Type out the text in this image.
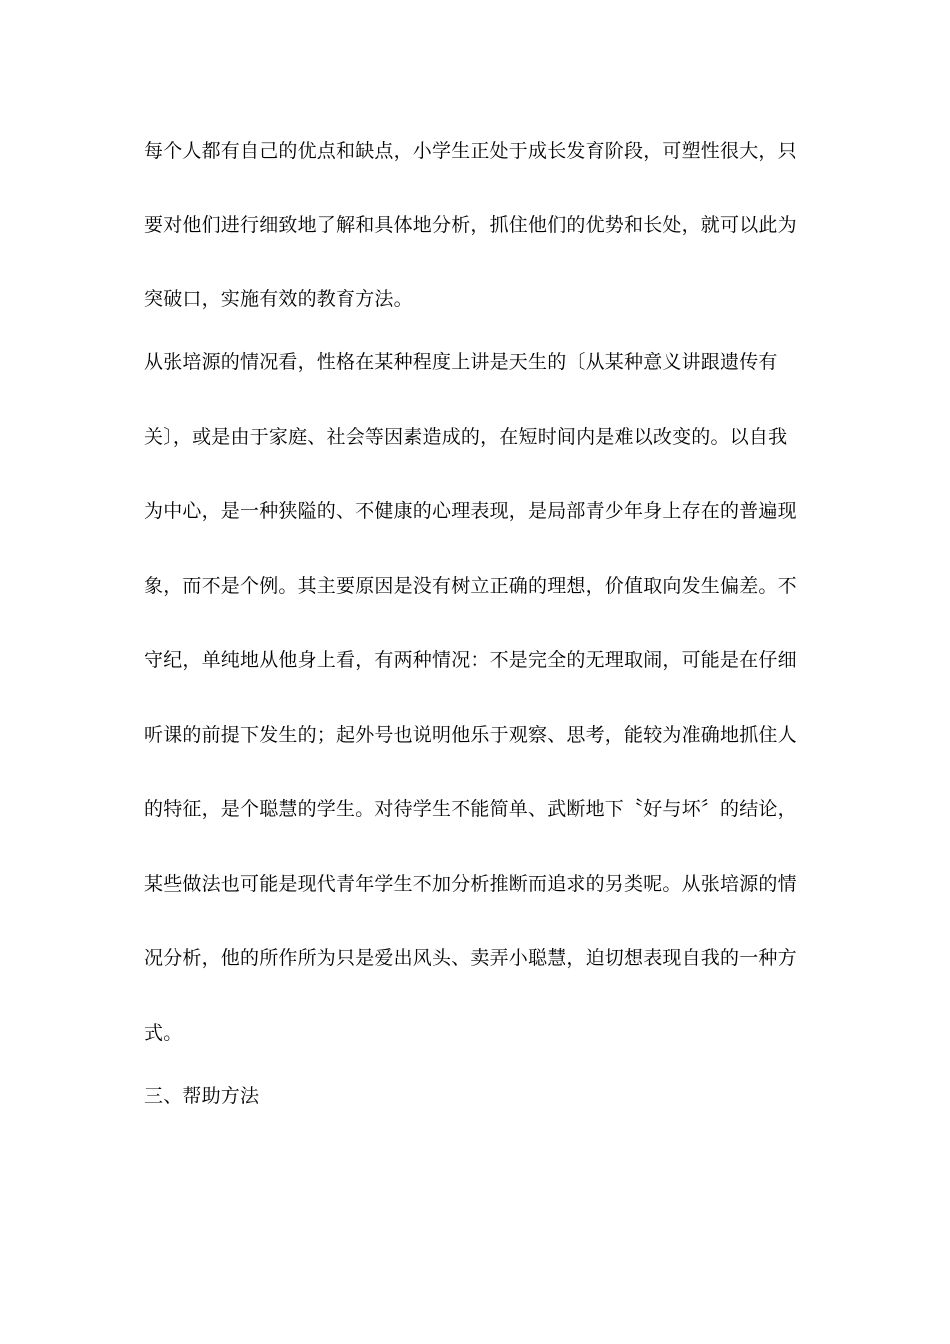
每个人都有自己的优点和缺点，小学生正处于成长发育阶段，可塑性很大，只
要对他们进行细致地了解和具体地分析，抓住他们的优势和长处，就可以此为
突破口，实施有效的教育方法。
从张培源的情况看，性格在某种程度上讲是天生的〔从某种意义讲跟遗传有
关〕，或是由于家庭、社会等因素造成的，在短时间内是难以改变的。以自我
为中心，是一种狭隘的、不健康的心理表现，是局部青少年身上存在的普遍现
象，而不是个例。其主要原因是没有树立正确的理想，价值取向发生偏差。不
守纪，单纯地从他身上看，有两种情况：不是完全的无理取闹，可能是在仔细
听课的前提下发生的；起外号也说明他乐于观察、思考，能较为准确地抓住人
的特征，是个聪慧的学生。对待学生不能简单、武断地下〝好与坏〞的结论，
某些做法也可能是现代青年学生不加分析推断而追求的另类呢。从张培源的情
况分析，他的所作所为只是爱出风头、卖弄小聪慧，迫切想表现自我的一种方
式。
三、帮助方法
